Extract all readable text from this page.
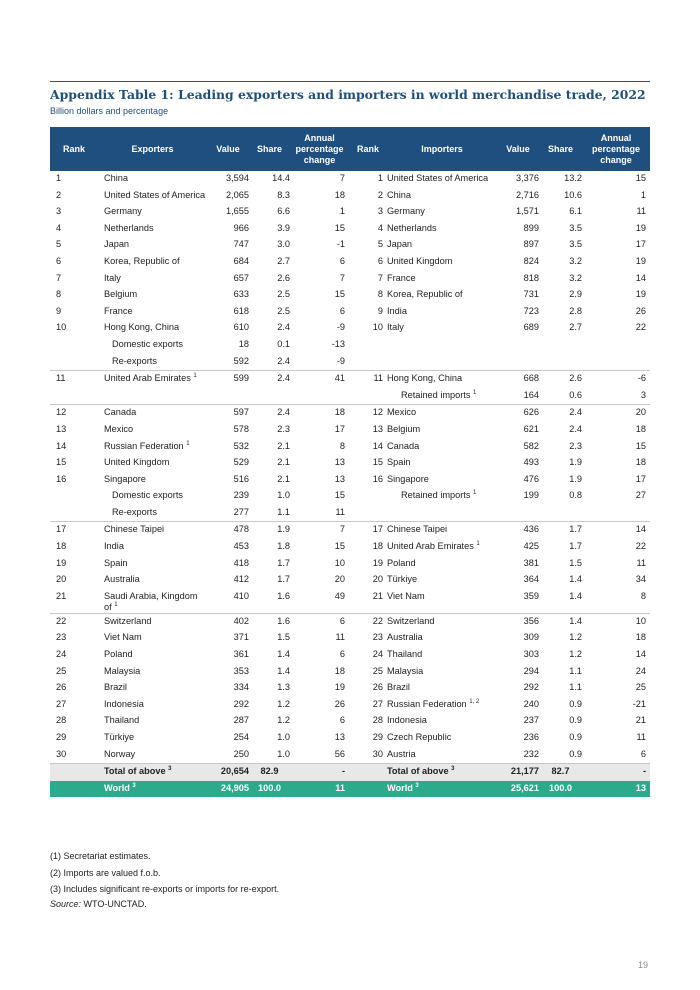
Appendix Table 1: Leading exporters and importers in world merchandise trade, 2022
Billion dollars and percentage
Rank	Exporters	Value	Share	Annual percentage change	Rank	Importers	Value	Share	Annual percentage change

1	China	3,594	14.4	7	1	United States of America	3,376	13.2	15

2	United States of America	2,065	8.3	18	2	China	2,716	10.6	1

3	Germany	1,655	6.6	1	3	Germany	1,571	6.1	11

4	Netherlands	966	3.9	15	4	Netherlands	899	3.5	19

5	Japan	747	3.0	-1	5	Japan	897	3.5	17

6	Korea, Republic of	684	2.7	6	6	United Kingdom	824	3.2	19

7	Italy	657	2.6	7	7	France	818	3.2	14

8	Belgium	633	2.5	15	8	Korea, Republic of	731	2.9	19

9	France	618	2.5	6	9	India	723	2.8	26

10	Hong Kong, China	610	2.4	-9	10	Italy	689	2.7	22

	Domestic exports	18	0.1	-13					

	Re-exports	592	2.4	-9					

11	United Arab Emirates $^1$	599	2.4	41	11	Hong Kong, China	668	2.6	-6

						Retained imports $^1$	164	0.6	3

12	Canada	597	2.4	18	12	Mexico	626	2.4	20

13	Mexico	578	2.3	17	13	Belgium	621	2.4	18

14	Russian Federation $^1$	532	2.1	8	14	Canada	582	2.3	15

15	United Kingdom	529	2.1	13	15	Spain	493	1.9	18

16	Singapore	516	2.1	13	16	Singapore	476	1.9	17

	Domestic exports	239	1.0	15		Retained imports $^1$	199	0.8	27

	Re-exports	277	1.1	11					

17	Chinese Taipei	478	1.9	7	17	Chinese Taipei	436	1.7	14

18	India	453	1.8	15	18	United Arab Emirates $^1$	425	1.7	22

19	Spain	418	1.7	10	19	Poland	381	1.5	11

20	Australia	412	1.7	20	20	Türkiye	364	1.4	34

21	Saudi Arabia, Kingdom of $^1$	410	1.6	49	21	Viet Nam	359	1.4	8

22	Switzerland	402	1.6	6	22	Switzerland	356	1.4	10

23	Viet Nam	371	1.5	11	23	Australia	309	1.2	18

24	Poland	361	1.4	6	24	Thailand	303	1.2	14

25	Malaysia	353	1.4	18	25	Malaysia	294	1.1	24

26	Brazil	334	1.3	19	26	Brazil	292	1.1	25

27	Indonesia	292	1.2	26	27	Russian Federation $^{1, 2}$	240	0.9	-21

28	Thailand	287	1.2	6	28	Indonesia	237	0.9	21

29	Türkiye	254	1.0	13	29	Czech Republic	236	0.9	11

30	Norway	250	1.0	56	30	Austria	232	0.9	6

	Total of above $^3$	20,654	82.9	-		Total of above $^3$	21,177	82.7	-

	World $^3$	24,905	100.0	11		World $^3$	25,621	100.0	13
(1) Secretariat estimates.
(2) Imports are valued f.o.b.
(3) Includes significant re-exports or imports for re-export.
Source: WTO-UNCTAD.
19
